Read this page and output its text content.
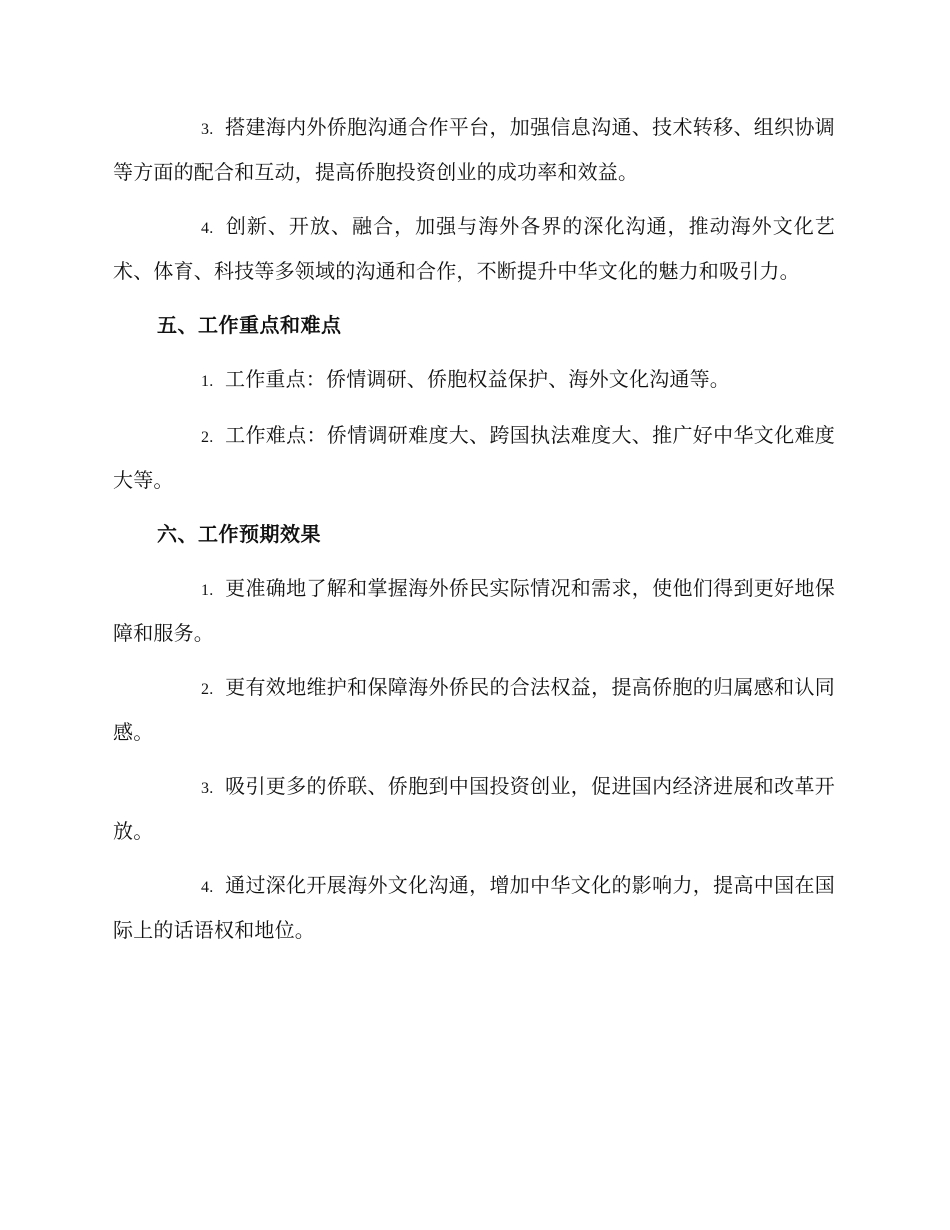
3. 搭建海内外侨胞沟通合作平台，加强信息沟通、技术转移、组织协调等方面的配合和互动，提高侨胞投资创业的成功率和效益。

4. 创新、开放、融合，加强与海外各界的深化沟通，推动海外文化艺术、体育、科技等多领域的沟通和合作，不断提升中华文化的魅力和吸引力。

五、工作重点和难点

1. 工作重点：侨情调研、侨胞权益保护、海外文化沟通等。

2. 工作难点：侨情调研难度大、跨国执法难度大、推广好中华文化难度大等。

六、工作预期效果

1. 更准确地了解和掌握海外侨民实际情况和需求，使他们得到更好地保障和服务。

2. 更有效地维护和保障海外侨民的合法权益，提高侨胞的归属感和认同感。

3. 吸引更多的侨联、侨胞到中国投资创业，促进国内经济进展和改革开放。

4. 通过深化开展海外文化沟通，增加中华文化的影响力，提高中国在国际上的话语权和地位。
